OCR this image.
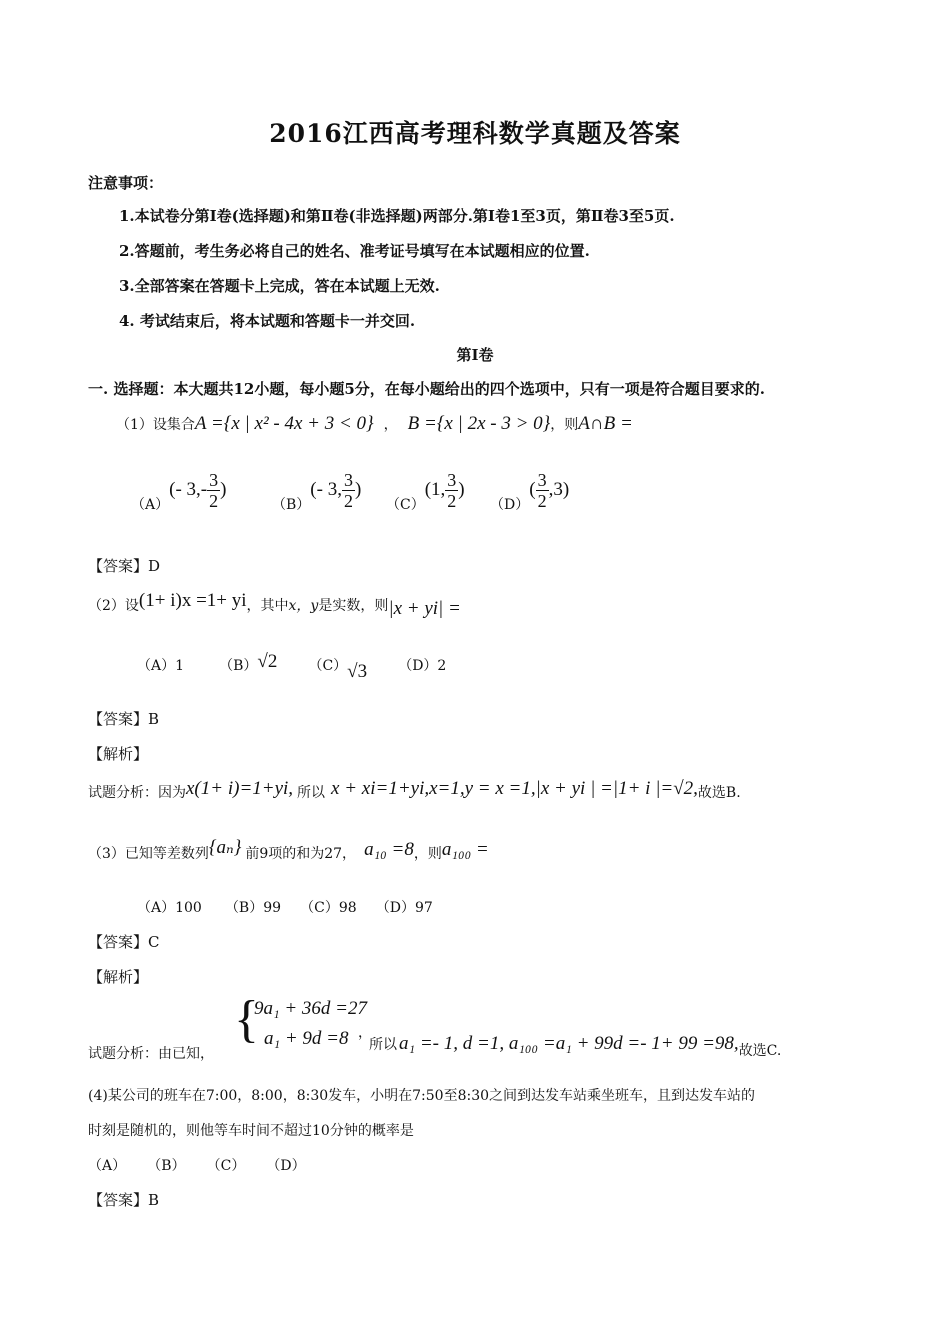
2016江西高考理科数学真题及答案
注意事项：
1.本试卷分第Ⅰ卷(选择题)和第Ⅱ卷(非选择题)两部分.第Ⅰ卷1至3页，第Ⅱ卷3至5页.
2.答题前，考生务必将自己的姓名、准考证号填写在本试题相应的位置.
3.全部答案在答题卡上完成，答在本试题上无效.
4. 考试结束后，将本试题和答题卡一并交回.
第Ⅰ卷
一. 选择题：本大题共12小题，每小题5分，在每小题给出的四个选项中，只有一项是符合题目要求的.
（1）设集合A ={x | x² - 4x + 3 < 0} ， B ={x | 2x - 3 > 0}，则A∩B =
（A）(- $3,- \frac{3}{2}$ )
（B）(- 3, $\frac{3}{2}$ )
（C）(1, $\frac{3}{2}$ )
$(D)( \frac{3}{2} ,3)$
【答案】D
（2）设(1+ i)x =1+ yi，其中x，y是实数，则|x + yi| =
（A）1	（B）√2 （C）√3 （D）2
【答案】B
【解析】
试题分析：因为x(1+ i)=1+yi, 所以 x + xi=1+yi,x=1,y = x =1,|x + yi | =|1+ i |=√2,故选B.
（3）已知等差数列{aₙ} 前9项的和为27， a₁₀ =8，则a₁₀₀ =
（A）100 （B）99 （C）98 （D）97
【答案】C
【解析】
试题分析：由已知，
{
9a₁ + 36d =27
a₁ + 9d =8 ，
所以 a₁ =- 1, d =1, a₁₀₀ =a₁ + 99d =- 1+ 99 =98,故选C.
(4)某公司的班车在7:00，8:00，8:30发车，小明在7:50至8:30之间到达发车站乘坐班车，且到达发车站的
时刻是随机的，则他等车时间不超过10分钟的概率是
（A） （B） （C） （D）
【答案】B
